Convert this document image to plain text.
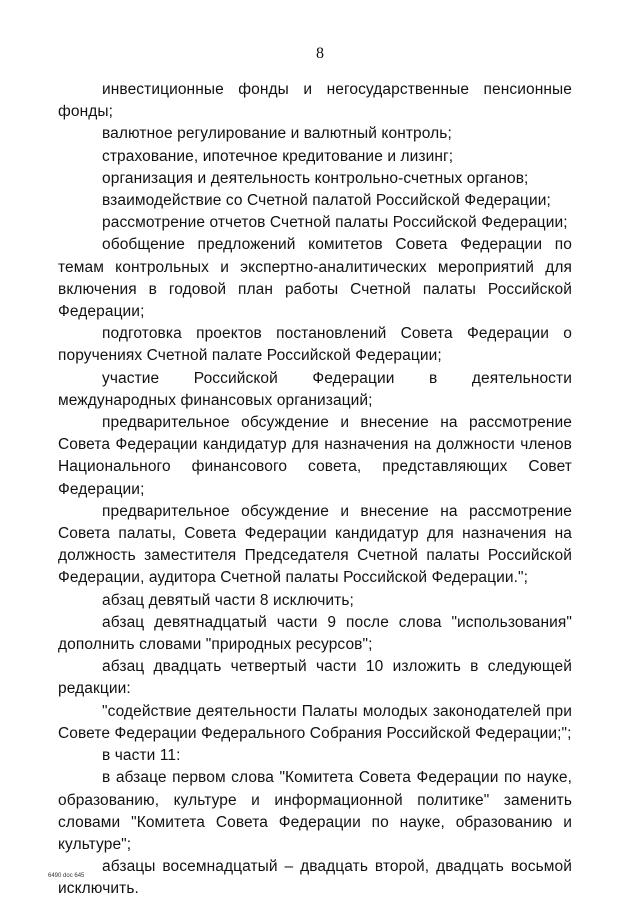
8

инвестиционные фонды и негосударственные пенсионные фонды;

валютное регулирование и валютный контроль;

страхование, ипотечное кредитование и лизинг;

организация и деятельность контрольно-счетных органов;

взаимодействие со Счетной палатой Российской Федерации;

рассмотрение отчетов Счетной палаты Российской Федерации;

обобщение предложений комитетов Совета Федерации по темам контрольных и экспертно-аналитических мероприятий для включения в годовой план работы Счетной палаты Российской Федерации;

подготовка проектов постановлений Совета Федерации о поручениях Счетной палате Российской Федерации;

участие Российской Федерации в деятельности международных финансовых организаций;

предварительное обсуждение и внесение на рассмотрение Совета Федерации кандидатур для назначения на должности членов Национального финансового совета, представляющих Совет Федерации;

предварительное обсуждение и внесение на рассмотрение Совета палаты, Совета Федерации кандидатур для назначения на должность заместителя Председателя Счетной палаты Российской Федерации, аудитора Счетной палаты Российской Федерации.";

абзац девятый части 8 исключить;

абзац девятнадцатый части 9 после слова "использования" дополнить словами "природных ресурсов";

абзац двадцать четвертый части 10 изложить в следующей редакции:

"содействие деятельности Палаты молодых законодателей при Совете Федерации Федерального Собрания Российской Федерации;";

в части 11:

в абзаце первом слова "Комитета Совета Федерации по науке, образованию, культуре и информационной политике" заменить словами "Комитета Совета Федерации по науке, образованию и культуре";

абзацы восемнадцатый – двадцать второй, двадцать восьмой исключить.

6490 doc 645
